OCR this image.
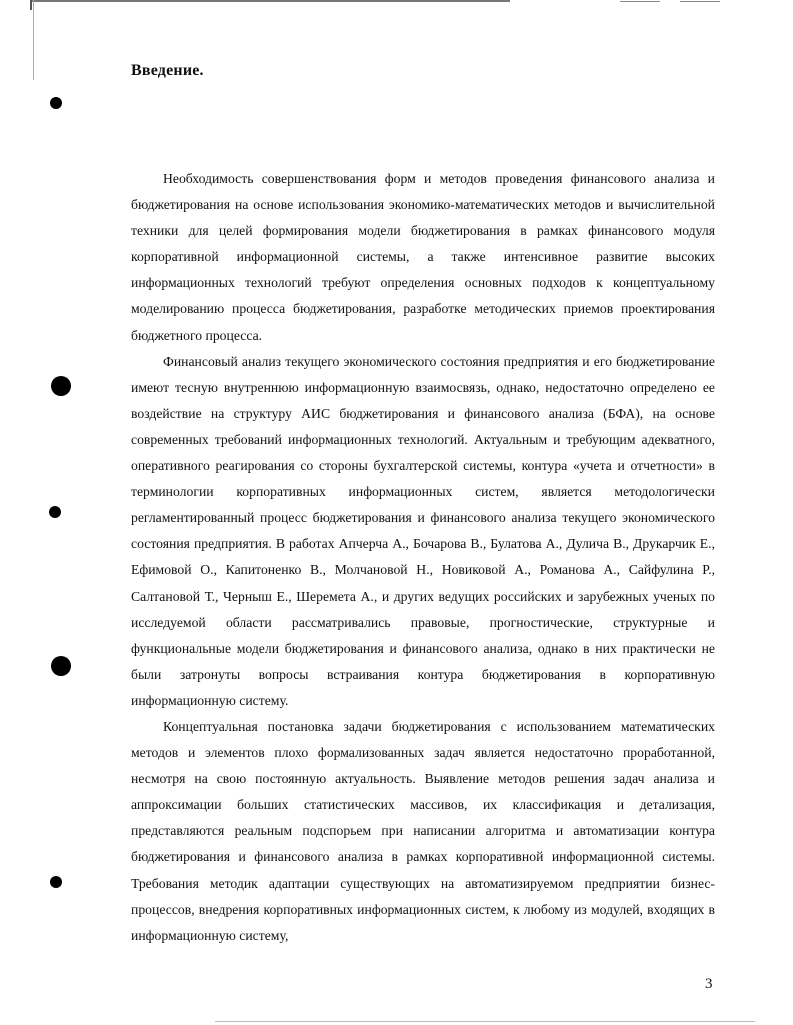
Введение.

Необходимость совершенствования форм и методов проведения финансового анализа и бюджетирования на основе использования экономико-математических методов и вычислительной техники для целей формирования модели бюджетирования в рамках финансового модуля корпоративной информационной системы, а также интенсивное развитие высоких информационных технологий требуют определения основных подходов к концептуальному моделированию процесса бюджетирования, разработке методических приемов проектирования бюджетного процесса.

Финансовый анализ текущего экономического состояния предприятия и его бюджетирование имеют тесную внутреннюю информационную взаимосвязь, однако, недостаточно определено ее воздействие на структуру АИС бюджетирования и финансового анализа (БФА), на основе современных требований информационных технологий. Актуальным и требующим адекватного, оперативного реагирования со стороны бухгалтерской системы, контура «учета и отчетности» в терминологии корпоративных информационных систем, является методологически регламентированный процесс бюджетирования и финансового анализа текущего экономического состояния предприятия. В работах Апчерча А., Бочарова В., Булатова А., Дулича В., Друкарчик Е., Ефимовой О., Капитоненко В., Молчановой Н., Новиковой А., Романова А., Сайфулина Р., Салтановой Т., Черныш Е., Шеремета А., и других ведущих российских и зарубежных ученых по исследуемой области рассматривались правовые, прогностические, структурные и функциональные модели бюджетирования и финансового анализа, однако в них практически не были затронуты вопросы встраивания контура бюджетирования в корпоративную информационную систему.

Концептуальная постановка задачи бюджетирования с использованием математических методов и элементов плохо формализованных задач является недостаточно проработанной, несмотря на свою постоянную актуальность. Выявление методов решения задач анализа и аппроксимации больших статистических массивов, их классификация и детализация, представляются реальным подспорьем при написании алгоритма и автоматизации контура бюджетирования и финансового анализа в рамках корпоративной информационной системы. Требования методик адаптации существующих на автоматизируемом предприятии бизнес-процессов, внедрения корпоративных информационных систем, к любому из модулей, входящих в информационную систему,

3
